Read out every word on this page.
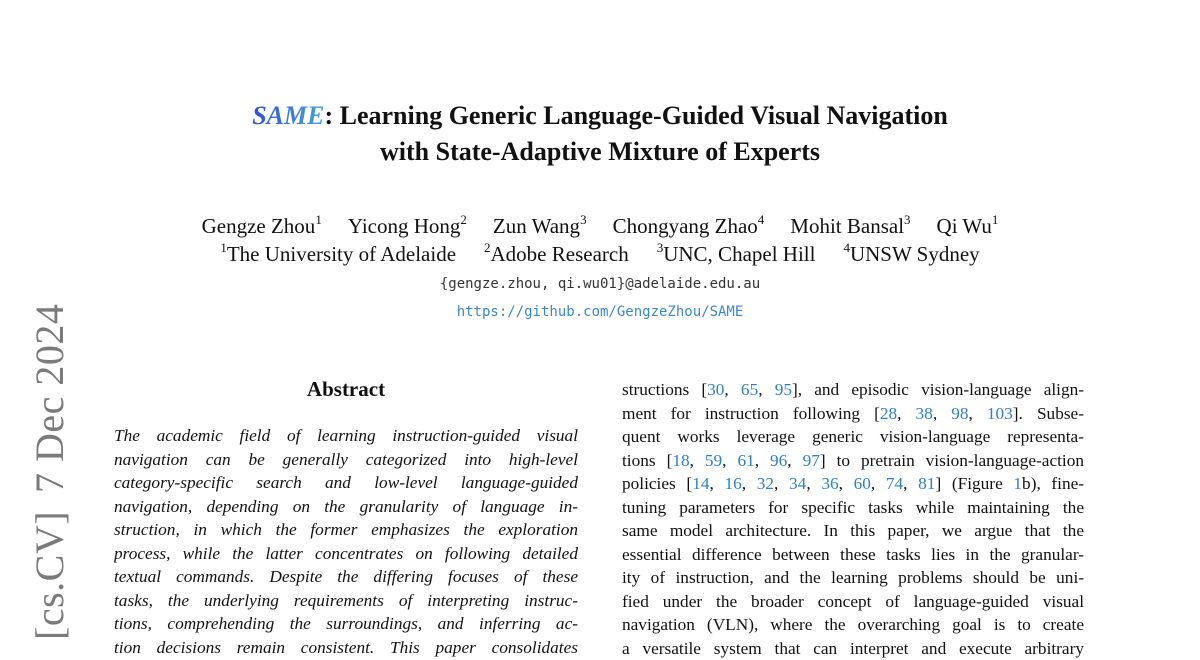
SAME: Learning Generic Language-Guided Visual Navigation
with State-Adaptive Mixture of Experts
Gengze Zhou$^1$ Yicong Hong$^2$ Zun Wang$^3$ Chongyang Zhao$^4$ Mohit Bansal$^3$ Qi Wu$^1$
$^1$The University of Adelaide $^2$Adobe Research $^3$UNC, Chapel Hill $^4$UNSW Sydney
{gengze.zhou, qi.wu01}@adelaide.edu.au
https://github.com/GengzeZhou/SAME
[cs.CV]7 Dec 2024	Abstract
The academic field of learning instruction-guided visual
navigation can be generally categorized into high-level
category-specific search and low-level language-guided
navigation, depending on the granularity of language in-
struction, in which the former emphasizes the exploration
process, while the latter concentrates on following detailed
textual commands. Despite the differing focuses of these
tasks, the underlying requirements of interpreting instruc-
tions, comprehending the surroundings, and inferring ac-
tion decisions remain consistent. This paper consolidates
structions [30, 65, 95], and episodic vision-language align-
ment for instruction following [28, 38, 98, 103]. Subse-
quent works leverage generic vision-language representa-
tions [18, 59, 61, 96, 97] to pretrain vision-language-action
policies [14, 16, 32, 34, 36, 60, 74, 81] (Figure 1b), fine-
tuning parameters for specific tasks while maintaining the
same model architecture. In this paper, we argue that the
essential difference between these tasks lies in the granular-
ity of instruction, and the learning problems should be uni-
fied under the broader concept of language-guided visual
navigation (VLN), where the overarching goal is to create
a versatile system that can interpret and execute arbitrary
